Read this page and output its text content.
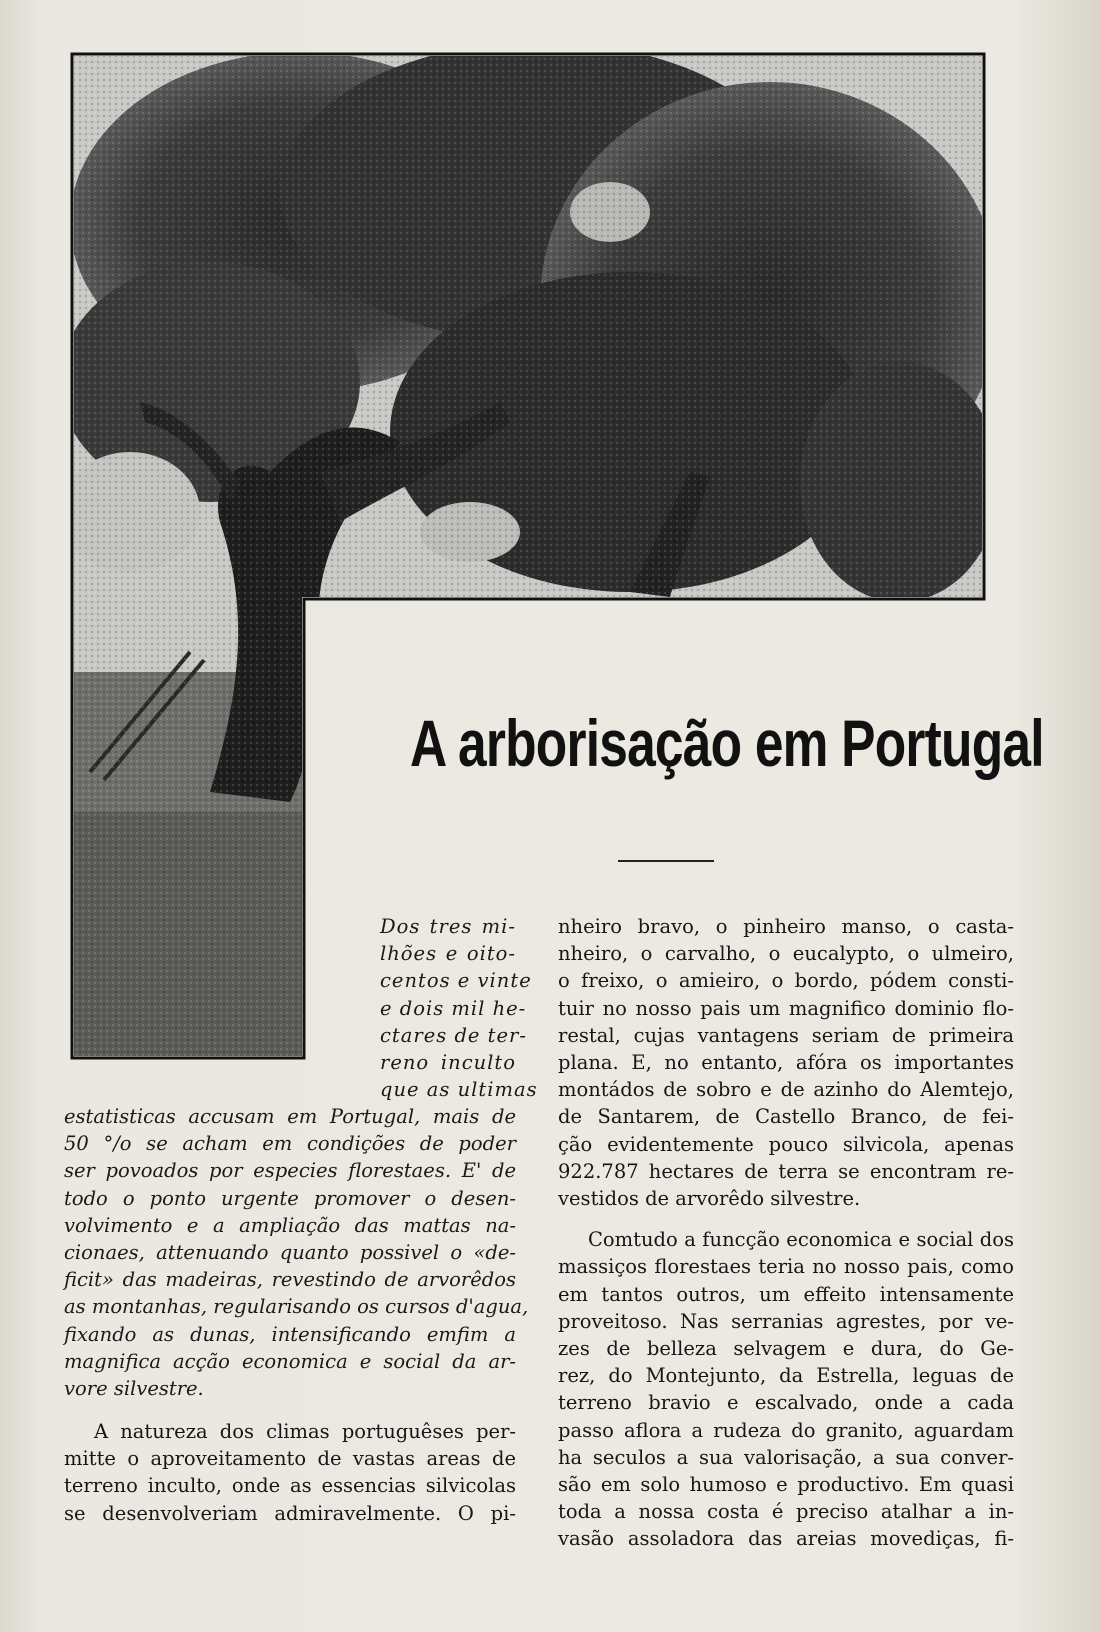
A arborisação em Portugal
Dos tres mi-
lhões e oito-
centos e vinte
e dois mil he-
ctares de ter-
reno inculto
que as ultimas
estatisticas accusam em Portugal, mais de
50 °/o se acham em condições de poder
ser povoados por especies florestaes. E' de
todo o ponto urgente promover o desen-
volvimento e a ampliação das mattas na-
cionaes, attenuando quanto possivel o «de-
ficit» das madeiras, revestindo de arvorêdos
as montanhas, regularisando os cursos d'agua,
fixando as dunas, intensificando emfim a
magnifica acção economica e social da ar-
vore silvestre.
A natureza dos climas portuguêses per-
mitte o aproveitamento de vastas areas de
terreno inculto, onde as essencias silvicolas
se desenvolveriam admiravelmente. O pi-
nheiro bravo, o pinheiro manso, o casta-
nheiro, o carvalho, o eucalypto, o ulmeiro,
o freixo, o amieiro, o bordo, pódem consti-
tuir no nosso pais um magnifico dominio flo-
restal, cujas vantagens seriam de primeira
plana. E, no entanto, afóra os importantes
montádos de sobro e de azinho do Alemtejo,
de Santarem, de Castello Branco, de fei-
ção evidentemente pouco silvicola, apenas
922.787 hectares de terra se encontram re-
vestidos de arvorêdo silvestre.
Comtudo a funcção economica e social dos
massiços florestaes teria no nosso pais, como
em tantos outros, um effeito intensamente
proveitoso. Nas serranias agrestes, por ve-
zes de belleza selvagem e dura, do Ge-
rez, do Montejunto, da Estrella, leguas de
terreno bravio e escalvado, onde a cada
passo aflora a rudeza do granito, aguardam
ha seculos a sua valorisação, a sua conver-
são em solo humoso e productivo. Em quasi
toda a nossa costa é preciso atalhar a in-
vasão assoladora das areias movediças, fi-
